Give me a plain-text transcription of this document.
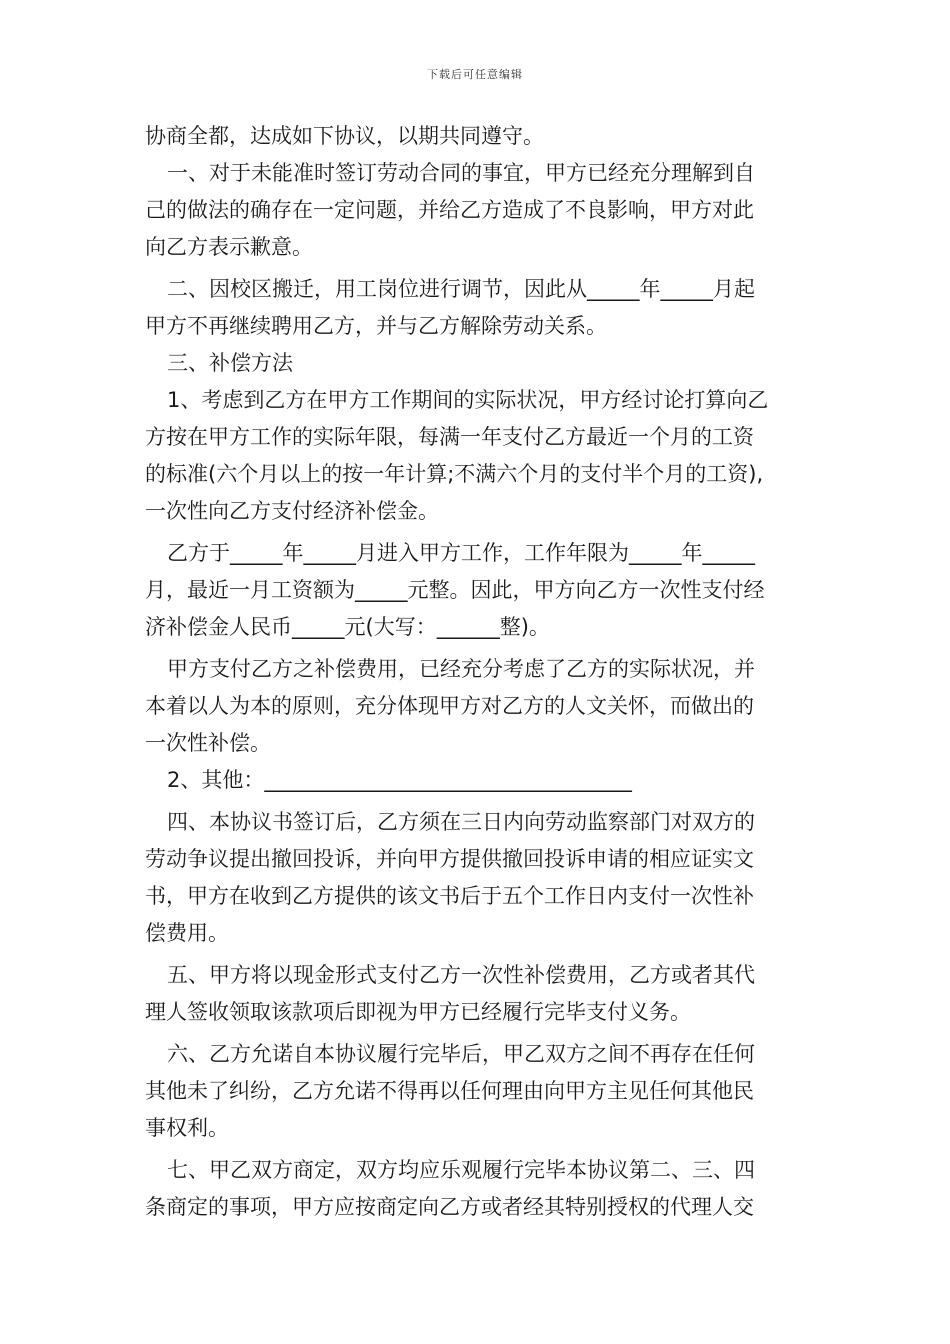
下载后可任意编辑
协商全都，达成如下协议，以期共同遵守。
一、对于未能准时签订劳动合同的事宜，甲方已经充分理解到自
己的做法的确存在一定问题，并给乙方造成了不良影响，甲方对此
向乙方表示歉意。
二、因校区搬迁，用工岗位进行调节，因此从_____年_____月起
甲方不再继续聘用乙方，并与乙方解除劳动关系。
三、补偿方法
1、考虑到乙方在甲方工作期间的实际状况，甲方经讨论打算向乙
方按在甲方工作的实际年限，每满一年支付乙方最近一个月的工资
的标准(六个月以上的按一年计算;不满六个月的支付半个月的工资),
一次性向乙方支付经济补偿金。
乙方于_____年_____月进入甲方工作，工作年限为_____年_____
月，最近一月工资额为_____元整。因此，甲方向乙方一次性支付经
济补偿金人民币_____元(大写：______整)。
甲方支付乙方之补偿费用，已经充分考虑了乙方的实际状况，并
本着以人为本的原则，充分体现甲方对乙方的人文关怀，而做出的
一次性补偿。
2、其他：___________________________________
四、本协议书签订后，乙方须在三日内向劳动监察部门对双方的
劳动争议提出撤回投诉，并向甲方提供撤回投诉申请的相应证实文
书，甲方在收到乙方提供的该文书后于五个工作日内支付一次性补
偿费用。
五、甲方将以现金形式支付乙方一次性补偿费用，乙方或者其代
理人签收领取该款项后即视为甲方已经履行完毕支付义务。
六、乙方允诺自本协议履行完毕后，甲乙双方之间不再存在任何
其他未了纠纷，乙方允诺不得再以任何理由向甲方主见任何其他民
事权利。
七、甲乙双方商定，双方均应乐观履行完毕本协议第二、三、四
条商定的事项，甲方应按商定向乙方或者经其特别授权的代理人交
